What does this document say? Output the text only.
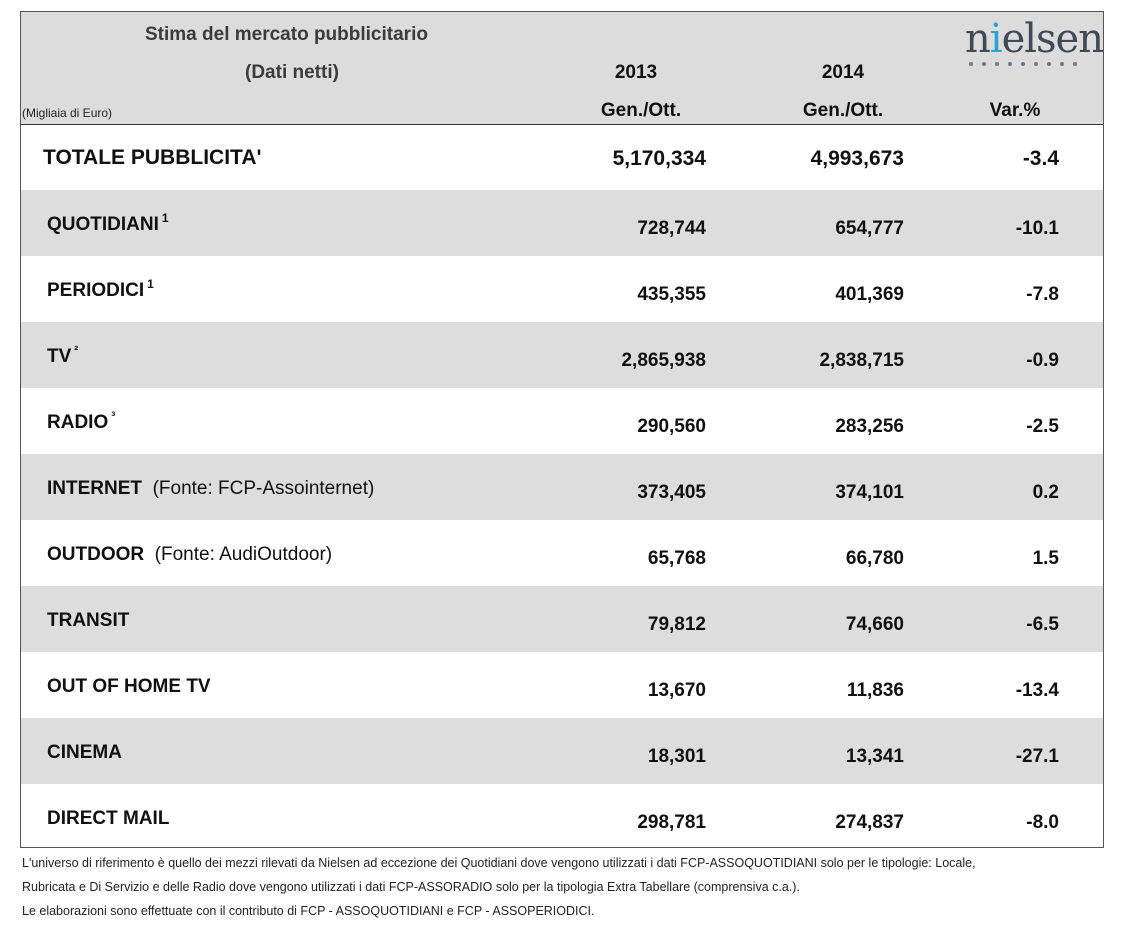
Stima del mercato pubblicitario
(Dati netti)
(Migliaia di Euro)
2013	2014
Gen./Ott.	Gen./Ott.	Var.%
nielsen
TOTALE PUBBLICITA'	5,170,334	4,993,673	-3.4
QUOTIDIANI $^1$	728,744	654,777	-10.1
PERIODICI $^1$	435,355	401,369	-7.8
TV $^{^2}$	2,865,938	2,838,715	-0.9
RADIO $^{^3}$	290,560	283,256	-2.5
INTERNET (Fonte: FCP-Assointernet)	373,405	374,101	0.2
OUTDOOR (Fonte: AudiOutdoor)	65,768	66,780	1.5
TRANSIT	79,812	74,660	-6.5
OUT OF HOME TV	13,670	11,836	-13.4
CINEMA	18,301	13,341	-27.1
DIRECT MAIL	298,781	274,837	-8.0
L'universo di riferimento è quello dei mezzi rilevati da Nielsen ad eccezione dei Quotidiani dove vengono utilizzati i dati FCP-ASSOQUOTIDIANI solo per le tipologie: Locale,
Rubricata e Di Servizio e delle Radio dove vengono utilizzati i dati FCP-ASSORADIO solo per la tipologia Extra Tabellare (comprensiva c.a.).
Le elaborazioni sono effettuate con il contributo di FCP - ASSOQUOTIDIANI e FCP - ASSOPERIODICI.
